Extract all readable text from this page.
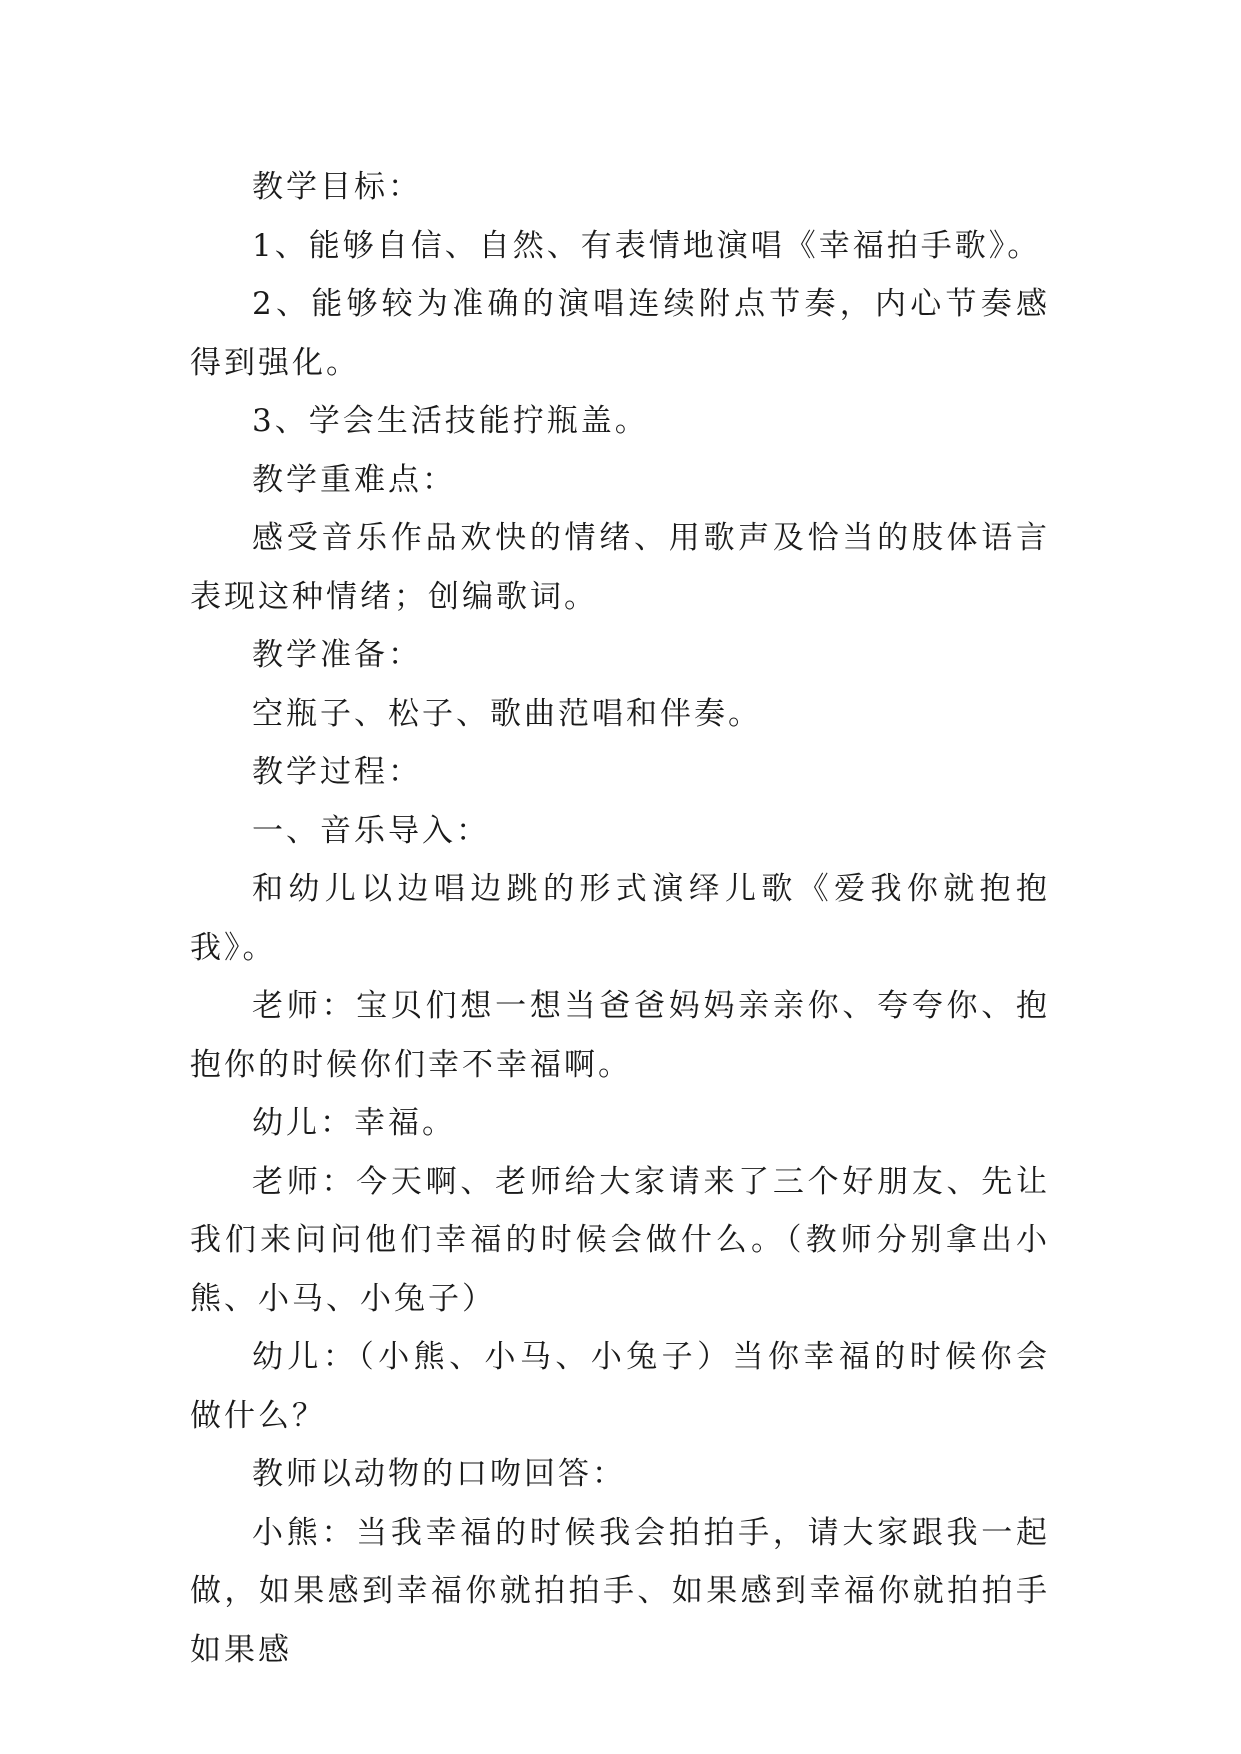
教学目标：

1、能够自信、自然、有表情地演唱《幸福拍手歌》。

2、能够较为准确的演唱连续附点节奏，内心节奏感得到强化。

3、学会生活技能拧瓶盖。

教学重难点：

感受音乐作品欢快的情绪、用歌声及恰当的肢体语言表现这种情绪；创编歌词。

教学准备：

空瓶子、松子、歌曲范唱和伴奏。

教学过程：

一、音乐导入：

和幼儿以边唱边跳的形式演绎儿歌《爱我你就抱抱我》。

老师：宝贝们想一想当爸爸妈妈亲亲你、夸夸你、抱抱你的时候你们幸不幸福啊。

幼儿：幸福。

老师：今天啊、老师给大家请来了三个好朋友、先让我们来问问他们幸福的时候会做什么。（教师分别拿出小熊、小马、小兔子）

幼儿：（小熊、小马、小兔子）当你幸福的时候你会做什么？

教师以动物的口吻回答：

小熊：当我幸福的时候我会拍拍手，请大家跟我一起做，如果感到幸福你就拍拍手、如果感到幸福你就拍拍手如果感
